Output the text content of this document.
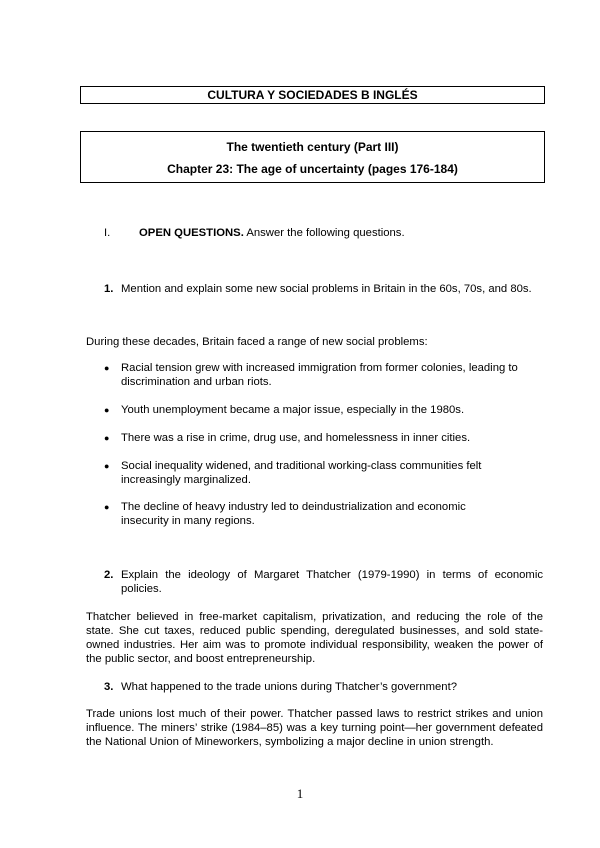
CULTURA Y SOCIEDADES B INGLÉS
The twentieth century (Part III)
Chapter 23: The age of uncertainty (pages 176-184)
I.	OPEN QUESTIONS. Answer the following questions.
1. Mention and explain some new social problems in Britain in the 60s, 70s, and 80s.
During these decades, Britain faced a range of new social problems:
● Racial tension grew with increased immigration from former colonies, leading to discrimination and urban riots.
● Youth unemployment became a major issue, especially in the 1980s.
● There was a rise in crime, drug use, and homelessness in inner cities.
● Social inequality widened, and traditional working-class communities felt increasingly marginalized.
● The decline of heavy industry led to deindustrialization and economic insecurity in many regions.
2. Explain the ideology of Margaret Thatcher (1979-1990) in terms of economic policies.
Thatcher believed in free-market capitalism, privatization, and reducing the role of the state. She cut taxes, reduced public spending, deregulated businesses, and sold state-owned industries. Her aim was to promote individual responsibility, weaken the power of the public sector, and boost entrepreneurship.
3. What happened to the trade unions during Thatcher’s government?
Trade unions lost much of their power. Thatcher passed laws to restrict strikes and union influence. The miners’ strike (1984–85) was a key turning point—her government defeated the National Union of Mineworkers, symbolizing a major decline in union strength.
1
